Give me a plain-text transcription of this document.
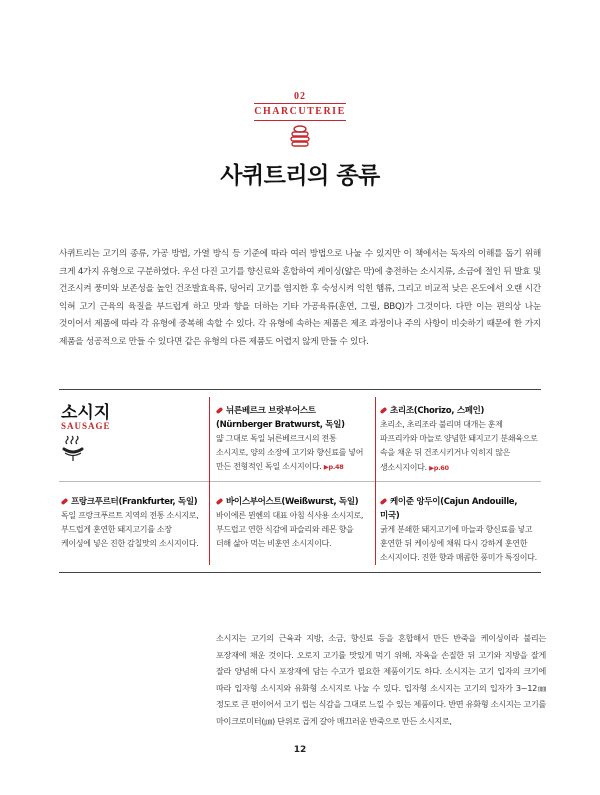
02
CHARCUTERIE
사퀴트리의 종류
사퀴트리는 고기의 종류, 가공 방법, 가열 방식 등 기준에 따라 여러 방법으로 나눌 수 있지만 이 책에서는 독자의 이해를 돕기 위해 크게 4가지 유형으로 구분하였다. 우선 다진 고기를 향신료와 혼합하여 케이싱(얇은 막)에 충전하는 소시지류, 소금에 절인 뒤 발효 및 건조시켜 풍미와 보존성을 높인 건조발효육류, 덩어리 고기를 염지한 후 숙성시켜 익힌 햄류, 그리고 비교적 낮은 온도에서 오랜 시간 익혀 고기 근육의 육질을 부드럽게 하고 맛과 향을 더하는 기타 가공육류(훈연, 그릴, BBQ)가 그것이다. 다만 이는 편의상 나눈 것이어서 제품에 따라 각 유형에 중복해 속할 수 있다. 각 유형에 속하는 제품은 제조 과정이나 주의 사항이 비슷하기 때문에 한 가지 제품을 성공적으로 만들 수 있다면 같은 유형의 다른 제품도 어렵지 않게 만들 수 있다.
소시지
SAUSAGE
뉘른베르크 브랏부어스트
(Nürnberger Bratwurst, 독일)
얇 그대로 독일 뉘른베르크시의 전통 소시지로, 양의 소장에 고기와 향신료를 넣어 만든 전형적인 독일 소시지이다. ▶p.48
초리조(Chorizo, 스페인)
초리소, 초리조라 불리며 대개는 훈제 파프리카와 마늘로 양념한 돼지고기 분쇄육으로 속을 채운 뒤 건조시키거나 익히지 않은 생소시지이다. ▶p.60
프랑크푸르터(Frankfurter, 독일)
독일 프랑크푸르트 지역의 전통 소시지로, 부드럽게 훈연한 돼지고기를 소장 케이싱에 넣은 진한 감칠맛의 소시지이다.
바이스부어스트(Weißwurst, 독일)
바이에른 뮌헨의 대표 아침 식사용 소시지로, 부드럽고 연한 식감에 파슬리와 레몬 향을 더해 삶아 먹는 비훈연 소시지이다.
케이준 앙두이(Cajun Andouille, 미국)
굵게 분쇄한 돼지고기에 마늘과 향신료를 넣고 훈연한 뒤 케이싱에 채워 다시 강하게 훈연한 소시지이다. 진한 향과 매콤한 풍미가 특징이다.
소시지는 고기의 근육과 지방, 소금, 향신료 등을 혼합해서 만든 반죽을 케이싱이라 불리는 포장재에 채운 것이다. 오로지 고기를 맛있게 먹기 위해, 자육을 손질한 뒤 고기와 지방을 잘게 잘라 양념해 다시 포장재에 담는 수고가 필요한 제품이기도 하다. 소시지는 고기 입자의 크기에 따라 입자형 소시지와 유화형 소시지로 나눌 수 있다. 입자형 소시지는 고기의 입자가 3~12㎜ 정도로 큰 편이어서 고기 씹는 식감을 그대로 느낄 수 있는 제품이다. 반면 유화형 소시지는 고기를 마이크로미터(㎛) 단위로 곱게 갈아 매끄러운 반죽으로 만든 소시지로,
12
